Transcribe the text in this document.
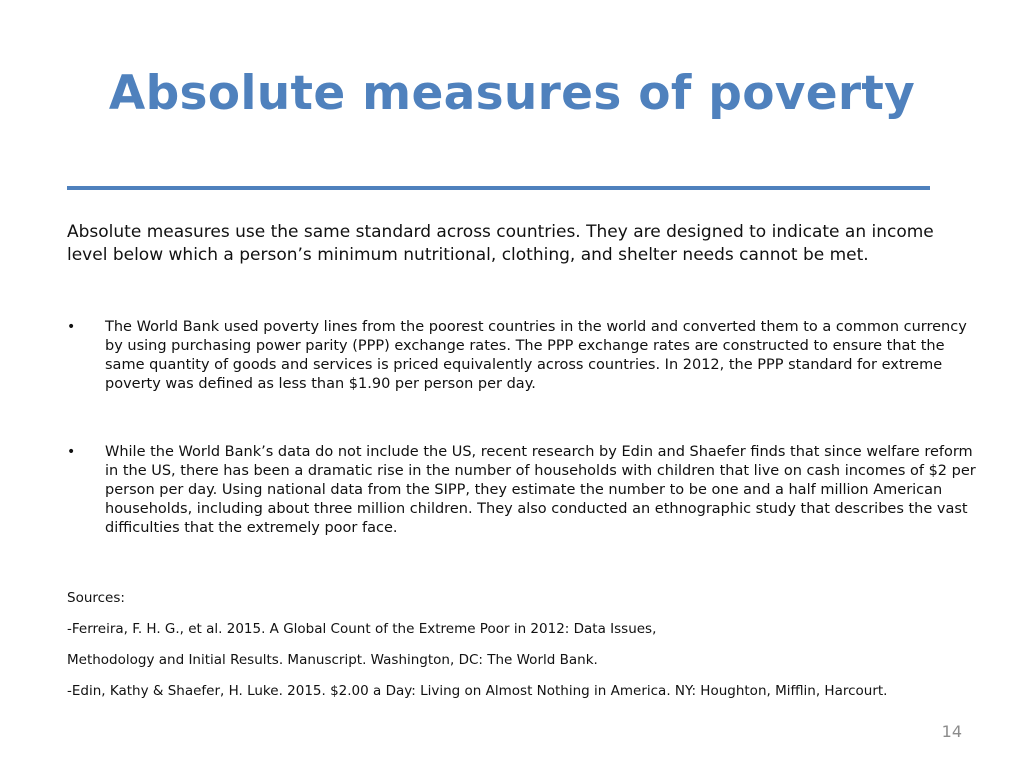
Absolute measures of poverty
Absolute measures use the same standard across countries. They are designed to indicate an income level below which a person’s minimum nutritional, clothing, and shelter needs cannot be met.
• The World Bank used poverty lines from the poorest countries in the world and converted them to a common currency by using purchasing power parity (PPP) exchange rates. The PPP exchange rates are constructed to ensure that the same quantity of goods and services is priced equivalently across countries. In 2012, the PPP standard for extreme poverty was defined as less than $1.90 per person per day.
• While the World Bank’s data do not include the US, recent research by Edin and Shaefer finds that since welfare reform in the US, there has been a dramatic rise in the number of households with children that live on cash incomes of $2 per person per day. Using national data from the SIPP, they estimate the number to be one and a half million American households, including about three million children. They also conducted an ethnographic study that describes the vast difficulties that the extremely poor face.
Sources:
-Ferreira, F. H. G., et al. 2015. A Global Count of the Extreme Poor in 2012: Data Issues,
Methodology and Initial Results. Manuscript. Washington, DC: The World Bank.
-Edin, Kathy & Shaefer, H. Luke. 2015. $2.00 a Day: Living on Almost Nothing in America. NY: Houghton, Mifflin, Harcourt.
14
